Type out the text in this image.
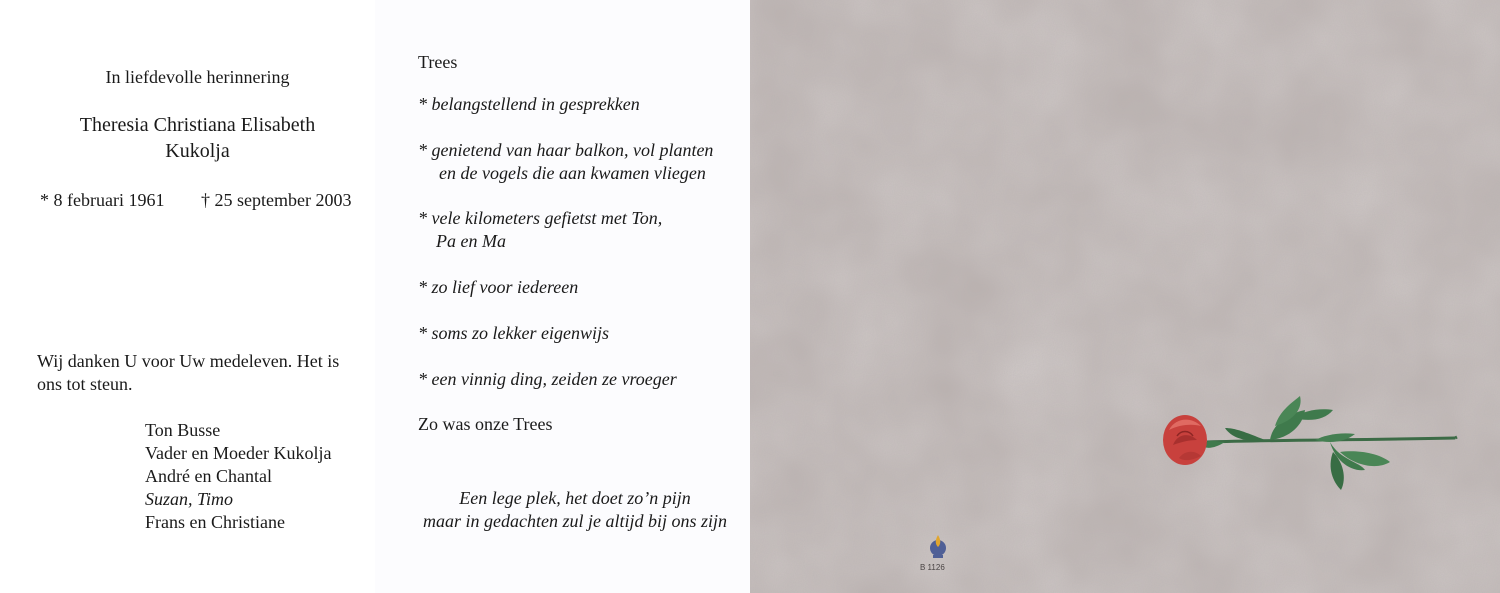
In liefdevolle herinnering
Theresia Christiana Elisabeth
Kukolja
* 8 februari 1961 † 25 september 2003
Wij danken U voor Uw medeleven. Het is
ons tot steun.
Ton Busse
Vader en Moeder Kukolja
André en Chantal
Suzan, Timo
Frans en Christiane
Trees
* belangstellend in gesprekken
* genietend van haar balkon, vol planten
en de vogels die aan kwamen vliegen
* vele kilometers gefietst met Ton,
Pa en Ma
* zo lief voor iedereen
* soms zo lekker eigenwijs
* een vinnig ding, zeiden ze vroeger
Zo was onze Trees
Een lege plek, het doet zo’n pijn
maar in gedachten zul je altijd bij ons zijn
B 1126
